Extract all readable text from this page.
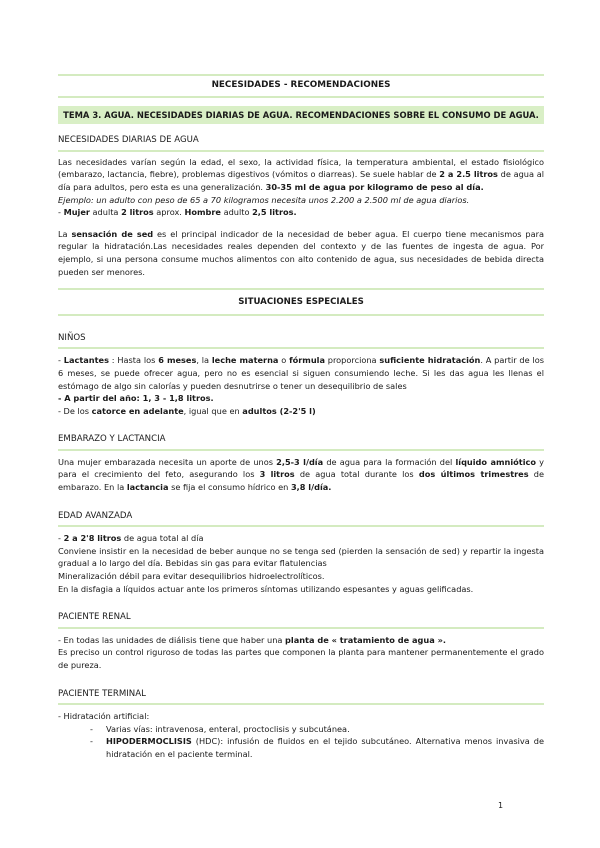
NECESIDADES - RECOMENDACIONES
TEMA 3. AGUA. NECESIDADES DIARIAS DE AGUA. RECOMENDACIONES SOBRE EL CONSUMO DE AGUA.
NECESIDADES DIARIAS DE AGUA

Las necesidades varían según la edad, el sexo, la actividad física, la temperatura ambiental, el estado fisiológico (embarazo, lactancia, fiebre), problemas digestivos (vómitos o diarreas). Se suele hablar de 2 a 2.5 litros de agua al día para adultos, pero esta es una generalización. 30-35 ml de agua por kilogramo de peso al día.

Ejemplo: un adulto con peso de 65 a 70 kilogramos necesita unos 2.200 a 2.500 ml de agua diarios.

- Mujer adulta 2 litros aprox. Hombre adulto 2,5 litros.

La sensación de sed es el principal indicador de la necesidad de beber agua. El cuerpo tiene mecanismos para regular la hidratación.Las necesidades reales dependen del contexto y de las fuentes de ingesta de agua. Por ejemplo, si una persona consume muchos alimentos con alto contenido de agua, sus necesidades de bebida directa pueden ser menores.

SITUACIONES ESPECIALES
NIÑOS

- Lactantes : Hasta los 6 meses, la leche materna o fórmula proporciona suficiente hidratación. A partir de los 6 meses, se puede ofrecer agua, pero no es esencial si siguen consumiendo leche. Si les das agua les llenas el estómago de algo sin calorías y pueden desnutrirse o tener un desequilibrio de sales

- A partir del año: 1, 3 - 1,8 litros.

- De los catorce en adelante, igual que en adultos (2-2'5 l)

EMBARAZO Y LACTANCIA

Una mujer embarazada necesita un aporte de unos 2,5-3 l/día de agua para la formación del líquido amniótico y para el crecimiento del feto, asegurando los 3 litros de agua total durante los dos últimos trimestres de embarazo. En la lactancia se fija el consumo hídrico en 3,8 l/día.

EDAD AVANZADA

- 2 a 2'8 litros de agua total al día

Conviene insistir en la necesidad de beber aunque no se tenga sed (pierden la sensación de sed) y repartir la ingesta gradual a lo largo del día. Bebidas sin gas para evitar flatulencias

Mineralización débil para evitar desequilibrios hidroelectrolíticos.

En la disfagia a líquidos actuar ante los primeros síntomas utilizando espesantes y aguas gelificadas.

PACIENTE RENAL

- En todas las unidades de diálisis tiene que haber una planta de « tratamiento de agua ».

Es preciso un control riguroso de todas las partes que componen la planta para mantener permanentemente el grado de pureza.

PACIENTE TERMINAL

- Hidratación artificial:

- Varias vías: intravenosa, enteral, proctoclisis y subcutánea.
- HIPODERMOCLISIS (HDC): infusión de fluidos en el tejido subcutáneo. Alternativa menos invasiva de hidratación en el paciente terminal.
1
